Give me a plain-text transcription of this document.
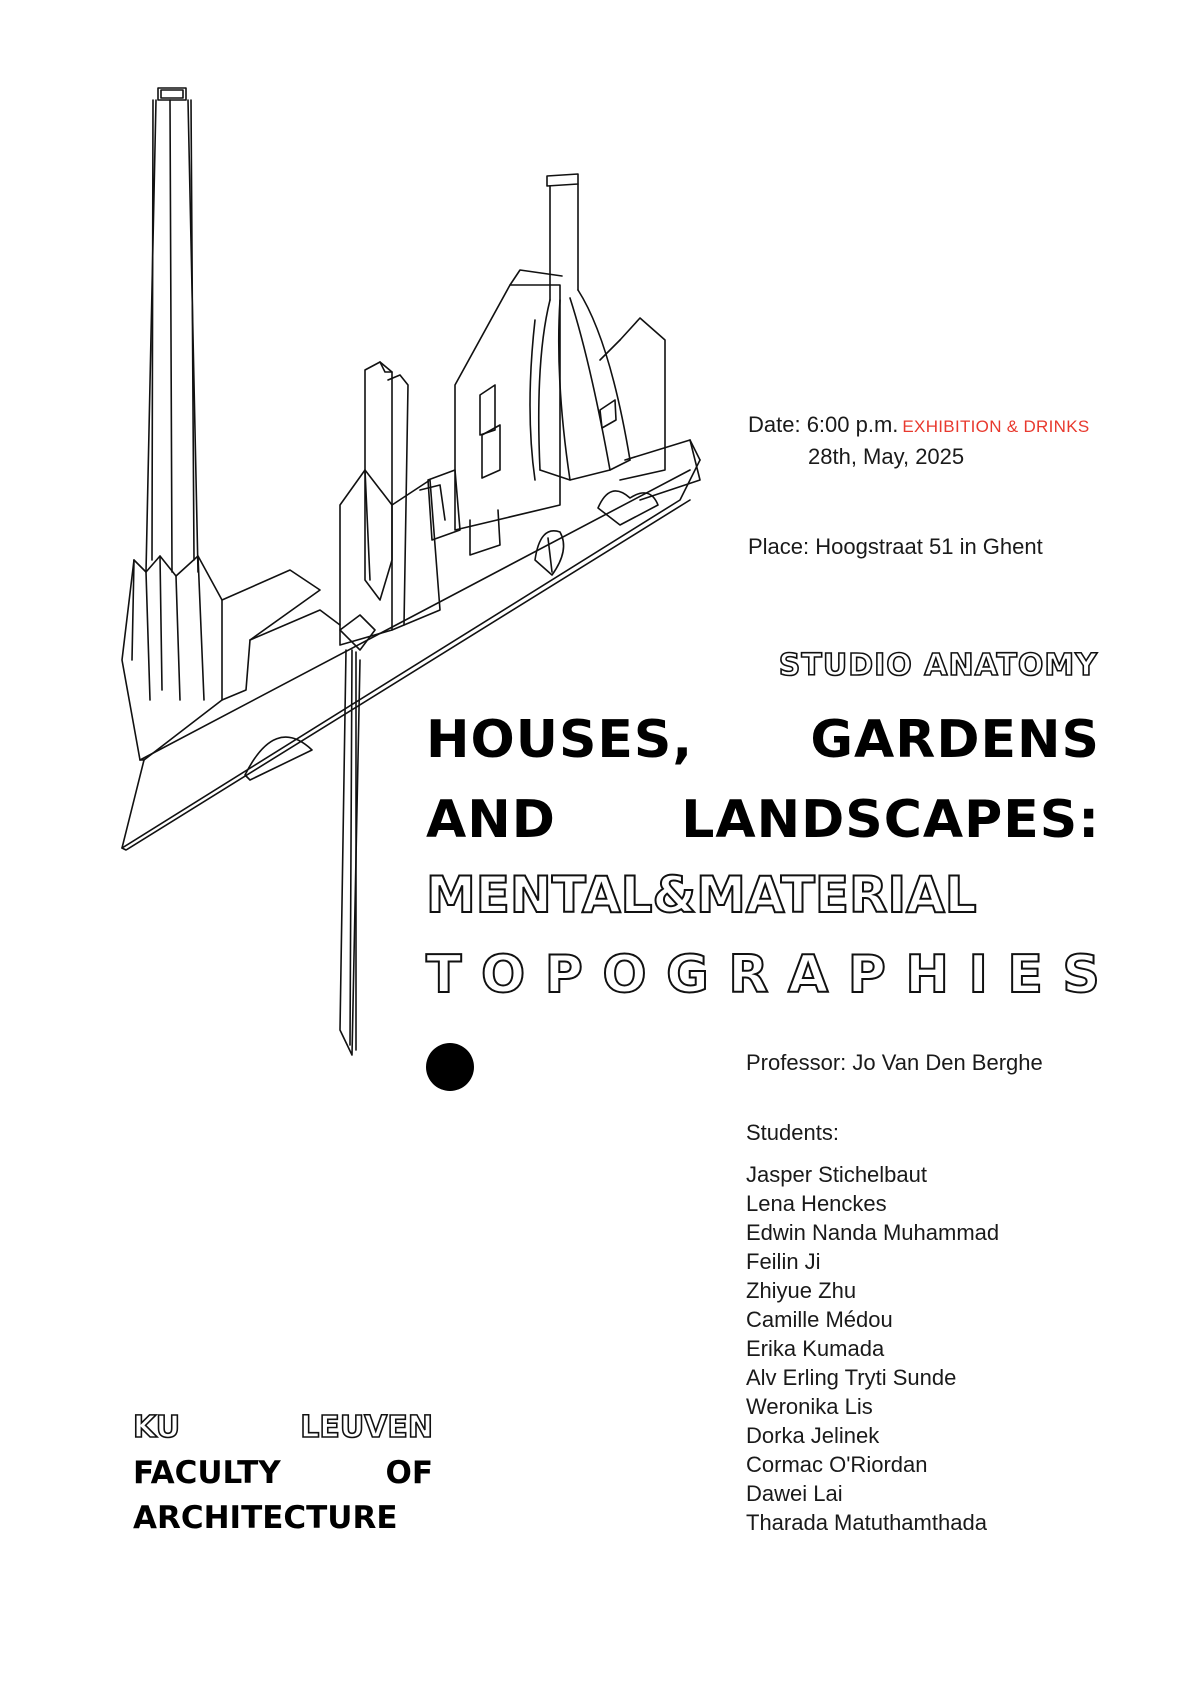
Date: 6:00 p.m. EXHIBITION & DRINKS
28th, May, 2025
Place: Hoogstraat 51 in Ghent
STUDIO ANATOMY
HOUSES, GARDENS
AND LANDSCAPES:
MENTAL&MATERIAL
T O P O G R A P H I E S
Professor: Jo Van Den Berghe
Students:
Jasper Stichelbaut
Lena Henckes
Edwin Nanda Muhammad
Feilin Ji
Zhiyue Zhu
Camille Médou
Erika Kumada
Alv Erling Tryti Sunde
Weronika Lis
Dorka Jelinek
Cormac O'Riordan
Dawei Lai
Tharada Matuthamthada
KU	LEUVEN
FACULTY	OF
ARCHITECTURE
